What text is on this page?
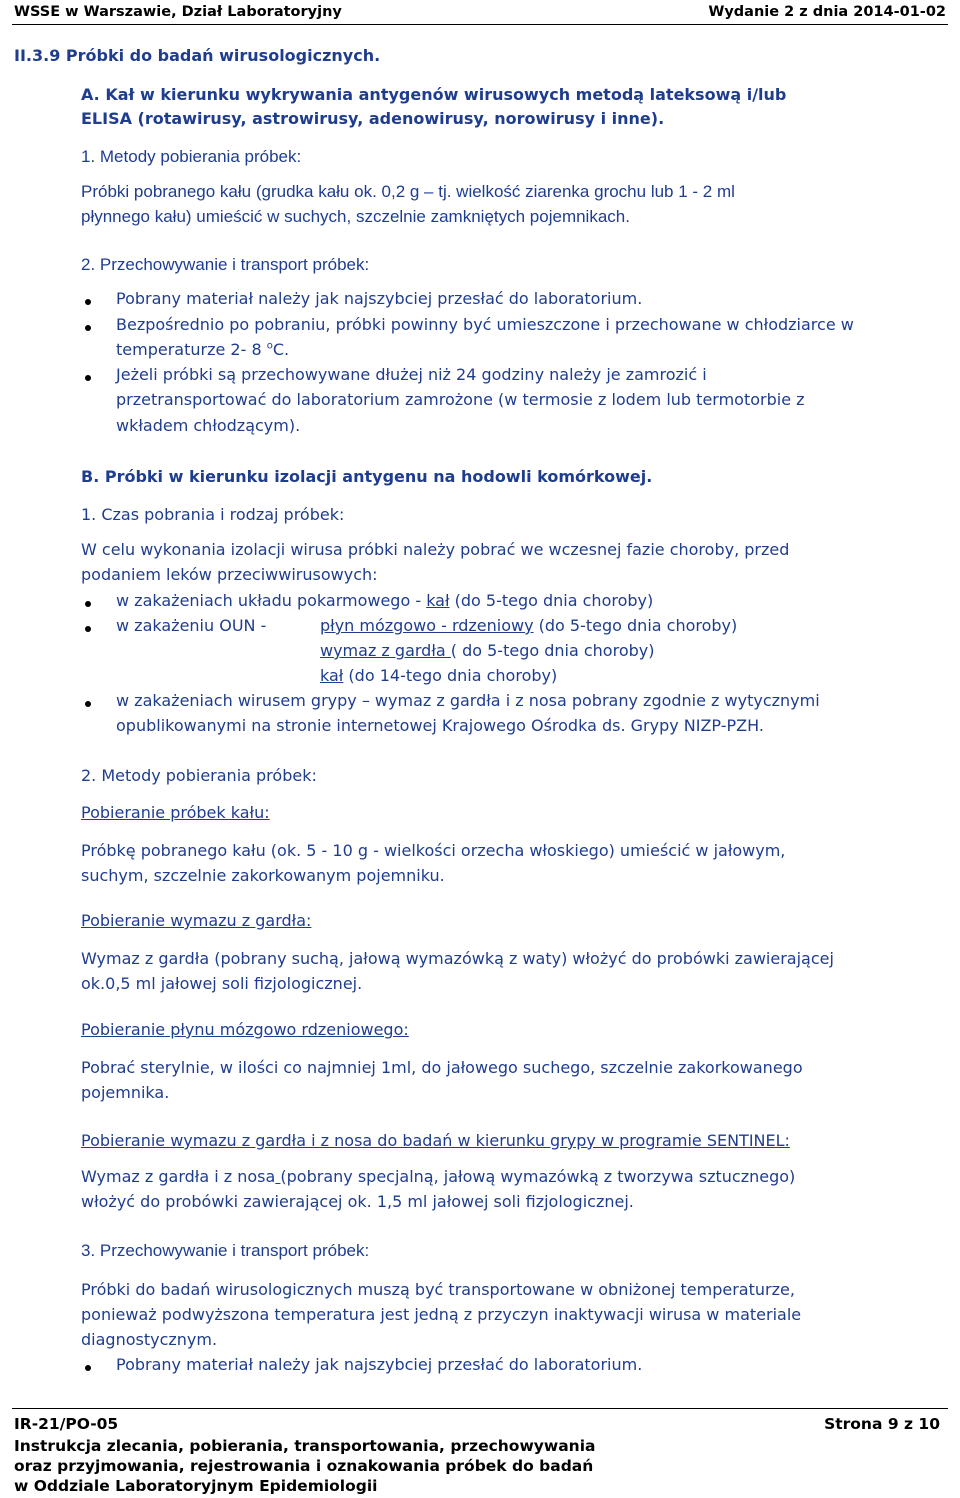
WSSE w Warszawie, Dział Laboratoryjny	Wydanie 2 z dnia 2014-01-02
II.3.9 Próbki do badań wirusologicznych.
A. Kał w kierunku wykrywania antygenów wirusowych metodą lateksową i/lub
ELISA (rotawirusy, astrowirusy, adenowirusy, norowirusy i inne).
1. Metody pobierania próbek:
Próbki pobranego kału (grudka kału ok. 0,2 g – tj. wielkość ziarenka grochu lub 1 - 2 ml
płynnego kału) umieścić w suchych, szczelnie zamkniętych pojemnikach.
2. Przechowywanie i transport próbek:
Pobrany materiał należy jak najszybciej przesłać do laboratorium.
Bezpośrednio po pobraniu, próbki powinny być umieszczone i przechowane w chłodziarce w
temperaturze 2- 8 $^o$C.
Jeżeli próbki są przechowywane dłużej niż 24 godziny należy je zamrozić i
przetransportować do laboratorium zamrożone (w termosie z lodem lub termotorbie z
wkładem chłodzącym).
B. Próbki w kierunku izolacji antygenu na hodowli komórkowej.
1. Czas pobrania i rodzaj próbek:
W celu wykonania izolacji wirusa próbki należy pobrać we wczesnej fazie choroby, przed
podaniem leków przeciwwirusowych:
w zakażeniach układu pokarmowego - kał (do 5-tego dnia choroby)
w zakażeniu OUN -	płyn mózgowo - rdzeniowy (do 5-tego dnia choroby)
wymaz z gardła ( do 5-tego dnia choroby)
kał (do 14-tego dnia choroby)
w zakażeniach wirusem grypy – wymaz z gardła i z nosa pobrany zgodnie z wytycznymi
opublikowanymi na stronie internetowej Krajowego Ośrodka ds. Grypy NIZP-PZH.
2. Metody pobierania próbek:
Pobieranie próbek kału:
Próbkę pobranego kału (ok. 5 - 10 g - wielkości orzecha włoskiego) umieścić w jałowym,
suchym, szczelnie zakorkowanym pojemniku.
Pobieranie wymazu z gardła:
Wymaz z gardła (pobrany suchą, jałową wymazówką z waty) włożyć do probówki zawierającej
ok.0,5 ml jałowej soli fizjologicznej.
Pobieranie płynu mózgowo rdzeniowego:
Pobrać sterylnie, w ilości co najmniej 1ml, do jałowego suchego, szczelnie zakorkowanego
pojemnika.
Pobieranie wymazu z gardła i z nosa do badań w kierunku grypy w programie SENTINEL:
Wymaz z gardła i z nosa (pobrany specjalną, jałową wymazówką z tworzywa sztucznego)
włożyć do probówki zawierającej ok. 1,5 ml jałowej soli fizjologicznej.
3. Przechowywanie i transport próbek:
Próbki do badań wirusologicznych muszą być transportowane w obniżonej temperaturze,
ponieważ podwyższona temperatura jest jedną z przyczyn inaktywacji wirusa w materiale
diagnostycznym.
Pobrany materiał należy jak najszybciej przesłać do laboratorium.
IR-21/PO-05	Strona 9 z 10
Instrukcja zlecania, pobierania, transportowania, przechowywania
oraz przyjmowania, rejestrowania i oznakowania próbek do badań
w Oddziale Laboratoryjnym Epidemiologii
